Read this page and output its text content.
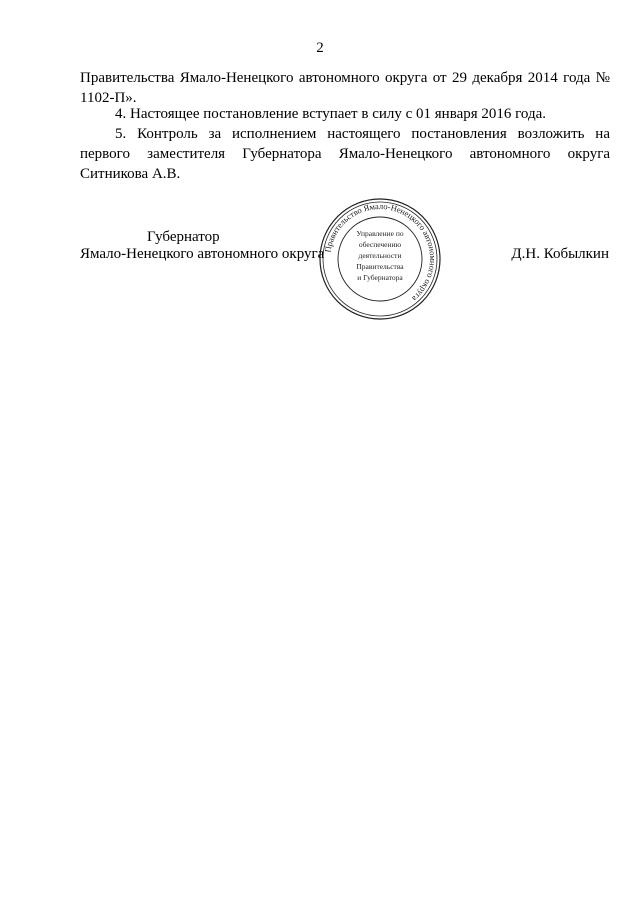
2
Правительства Ямало-Ненецкого автономного округа от 29 декабря 2014 года № 1102-П».
4. Настоящее постановление вступает в силу с 01 января 2016 года.
5. Контроль за исполнением настоящего постановления возложить на первого заместителя Губернатора Ямало-Ненецкого автономного округа Ситникова А.В.
Губернатор
Ямало-Ненецкого автономного округа
Правительство Ямало-Ненецкого автономного округа
Управление по
обеспечению
деятельности
Правительства
и Губернатора
Д.Н. Кобылкин
